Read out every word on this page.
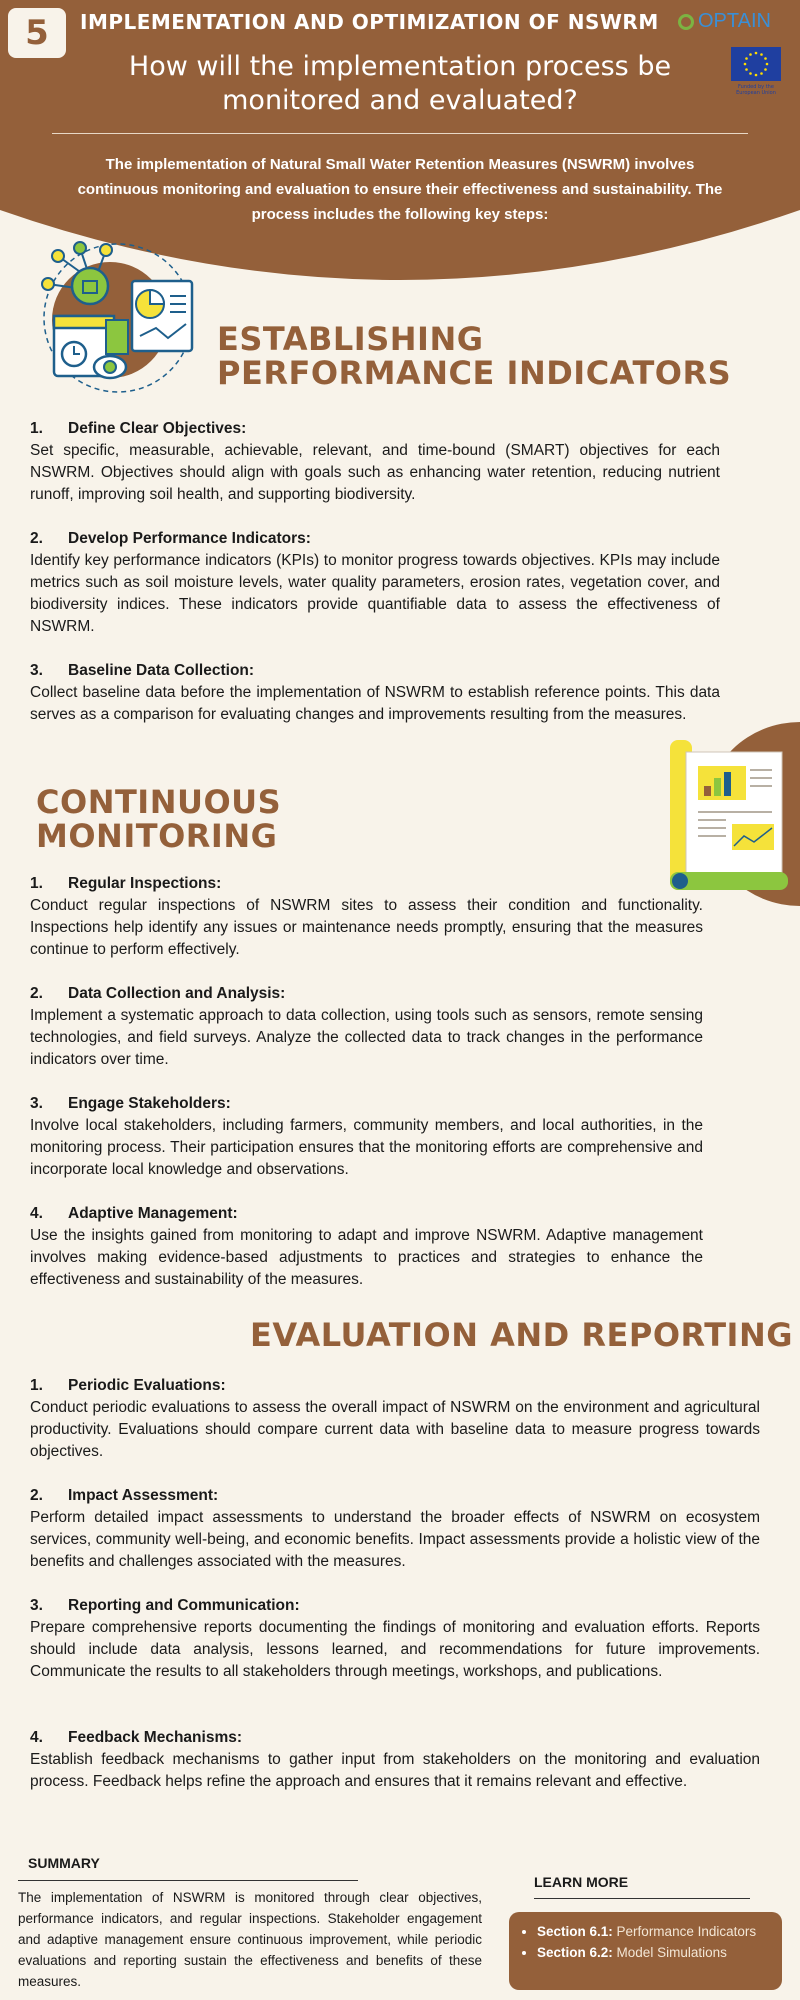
5	IMPLEMENTATION AND OPTIMIZATION OF NSWRM OPTAIN
Funded by the European Union
How will the implementation process be monitored and evaluated?
The implementation of Natural Small Water Retention Measures (NSWRM) involves continuous monitoring and evaluation to ensure their effectiveness and sustainability. The process includes the following key steps:
ESTABLISHING
PERFORMANCE INDICATORS
1. Define Clear Objectives:
Set specific, measurable, achievable, relevant, and time-bound (SMART) objectives for each NSWRM. Objectives should align with goals such as enhancing water retention, reducing nutrient runoff, improving soil health, and supporting biodiversity.
2. Develop Performance Indicators:
Identify key performance indicators (KPIs) to monitor progress towards objectives. KPIs may include metrics such as soil moisture levels, water quality parameters, erosion rates, vegetation cover, and biodiversity indices. These indicators provide quantifiable data to assess the effectiveness of NSWRM.
3. Baseline Data Collection:
Collect baseline data before the implementation of NSWRM to establish reference points. This data serves as a comparison for evaluating changes and improvements resulting from the measures.
CONTINUOUS
MONITORING
1. Regular Inspections:
Conduct regular inspections of NSWRM sites to assess their condition and functionality. Inspections help identify any issues or maintenance needs promptly, ensuring that the measures continue to perform effectively.
2. Data Collection and Analysis:
Implement a systematic approach to data collection, using tools such as sensors, remote sensing technologies, and field surveys. Analyze the collected data to track changes in the performance indicators over time.
3. Engage Stakeholders:
Involve local stakeholders, including farmers, community members, and local authorities, in the monitoring process. Their participation ensures that the monitoring efforts are comprehensive and incorporate local knowledge and observations.
4. Adaptive Management:
Use the insights gained from monitoring to adapt and improve NSWRM. Adaptive management involves making evidence-based adjustments to practices and strategies to enhance the effectiveness and sustainability of the measures.
EVALUATION AND REPORTING
1. Periodic Evaluations:
Conduct periodic evaluations to assess the overall impact of NSWRM on the environment and agricultural productivity. Evaluations should compare current data with baseline data to measure progress towards objectives.
2. Impact Assessment:
Perform detailed impact assessments to understand the broader effects of NSWRM on ecosystem services, community well-being, and economic benefits. Impact assessments provide a holistic view of the benefits and challenges associated with the measures.
3. Reporting and Communication:
Prepare comprehensive reports documenting the findings of monitoring and evaluation efforts. Reports should include data analysis, lessons learned, and recommendations for future improvements. Communicate the results to all stakeholders through meetings, workshops, and publications.
4. Feedback Mechanisms:
Establish feedback mechanisms to gather input from stakeholders on the monitoring and evaluation process. Feedback helps refine the approach and ensures that it remains relevant and effective.
SUMMARY
The implementation of NSWRM is monitored through clear objectives, performance indicators, and regular inspections. Stakeholder engagement and adaptive management ensure continuous improvement, while periodic evaluations and reporting sustain the effectiveness and benefits of these measures.
LEARN MORE
• Section 6.1: Performance Indicators
• Section 6.2: Model Simulations
